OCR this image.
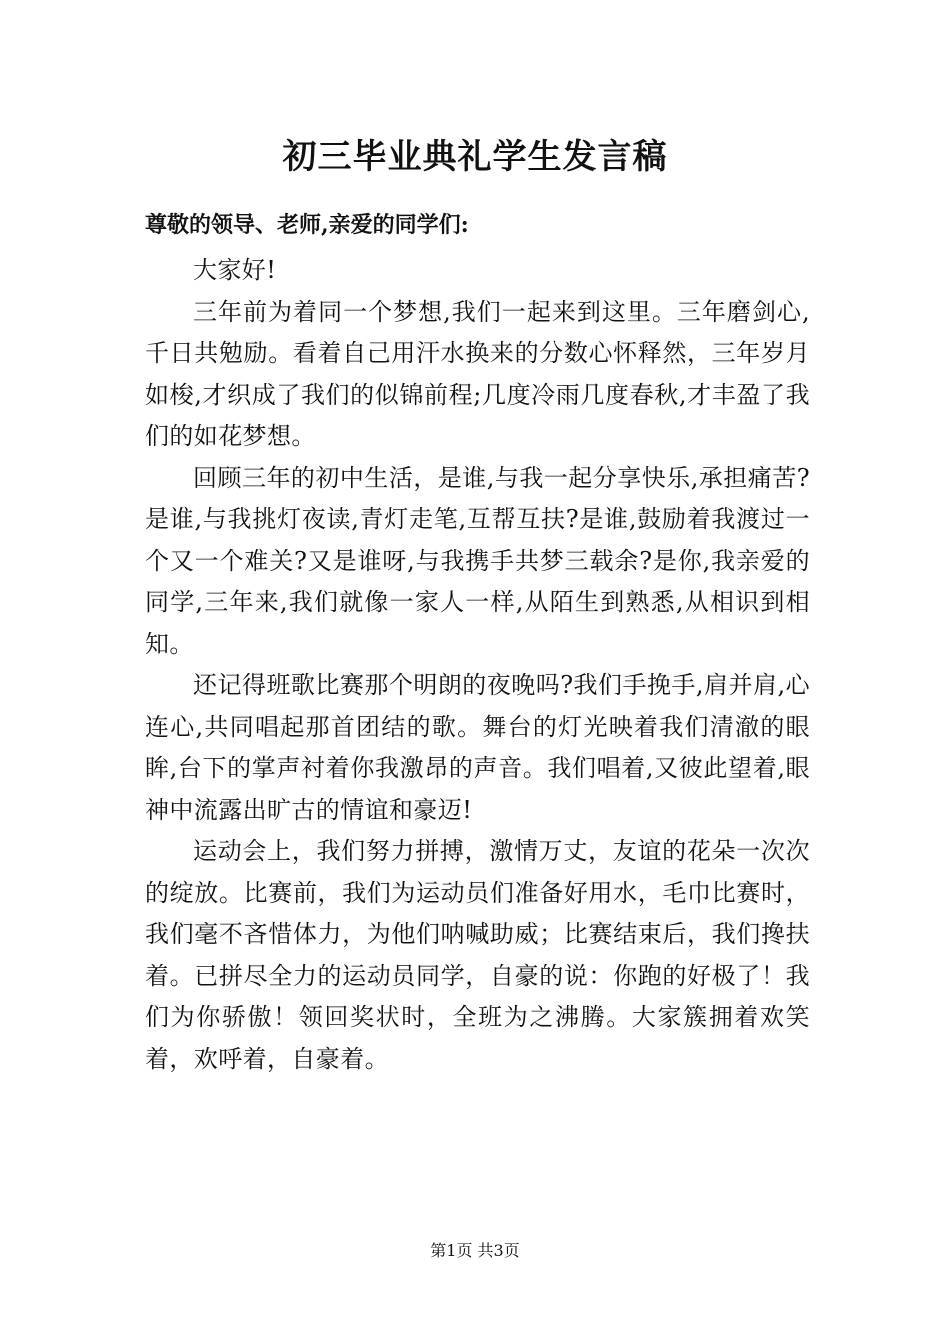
初三毕业典礼学生发言稿
尊敬的领导、老师,亲爱的同学们:

大家好!

三年前为着同一个梦想,我们一起来到这里。三年磨剑心,千日共勉励。看着自己用汗水换来的分数心怀释然，三年岁月如梭,才织成了我们的似锦前程;几度冷雨几度春秋,才丰盈了我们的如花梦想。

回顾三年的初中生活，是谁,与我一起分享快乐,承担痛苦?是谁,与我挑灯夜读,青灯走笔,互帮互扶?是谁,鼓励着我渡过一个又一个难关?又是谁呀,与我携手共梦三载余?是你,我亲爱的同学,三年来,我们就像一家人一样,从陌生到熟悉,从相识到相知。

还记得班歌比赛那个明朗的夜晚吗?我们手挽手,肩并肩,心连心,共同唱起那首团结的歌。舞台的灯光映着我们清澈的眼眸,台下的掌声衬着你我激昂的声音。我们唱着,又彼此望着,眼神中流露出旷古的情谊和豪迈!

运动会上，我们努力拼搏，激情万丈，友谊的花朵一次次的绽放。比赛前，我们为运动员们准备好用水，毛巾比赛时，我们毫不吝惜体力，为他们呐喊助威；比赛结束后，我们搀扶着。已拼尽全力的运动员同学，自豪的说：你跑的好极了！我们为你骄傲！领回奖状时，全班为之沸腾。大家簇拥着欢笑着，欢呼着，自豪着。

第1页 共3页
